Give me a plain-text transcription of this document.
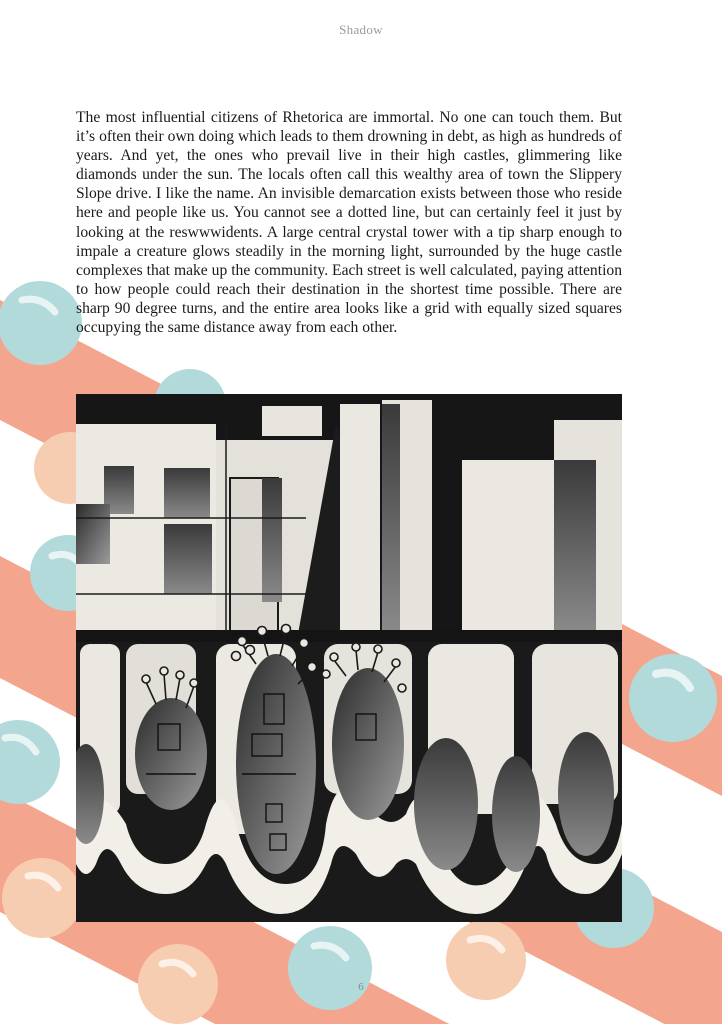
Shadow

The most influential citizens of Rhetorica are immortal. No one can touch them. But it’s often their own doing which leads to them drowning in debt, as high as hundreds of years. And yet, the ones who prevail live in their high castles, glimmering like diamonds under the sun. The locals often call this wealthy area of town the Slippery Slope drive. I like the name. An invisible demarcation exists between those who reside here and people like us. You cannot see a dotted line, but can certainly feel it just by looking at the reswwwidents. A large central crystal tower with a tip sharp enough to impale a creature glows steadily in the morning light, surrounded by the huge castle complexes that make up the community. Each street is well calculated, paying attention to how people could reach their destination in the shortest time possible. There are sharp 90 degree turns, and the entire area looks like a grid with equally sized squares occupying the same distance away from each other.

6
